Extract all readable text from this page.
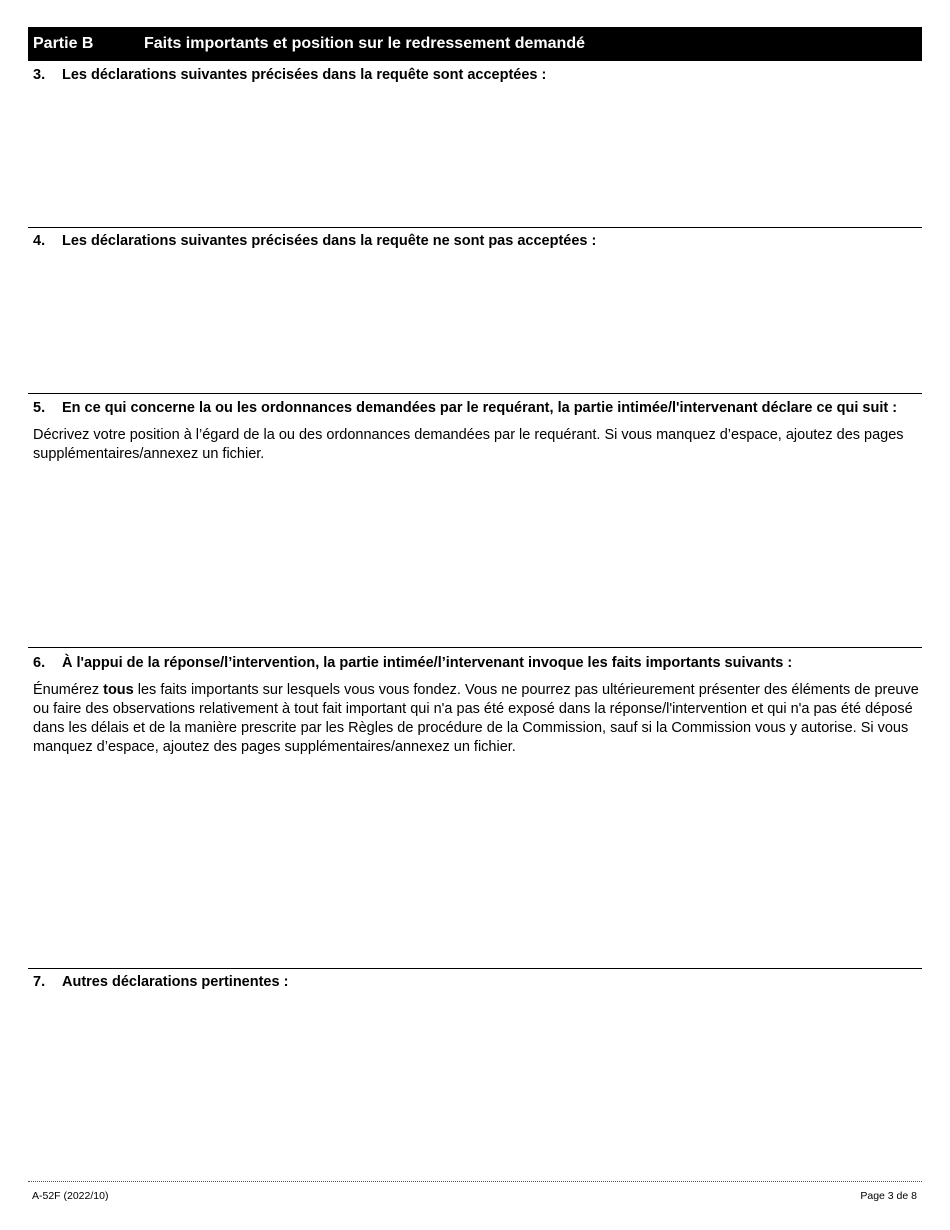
Partie B	Faits importants et position sur le redressement demandé
3.	Les déclarations suivantes précisées dans la requête sont acceptées :
4.	Les déclarations suivantes précisées dans la requête ne sont pas acceptées :
5.	En ce qui concerne la ou les ordonnances demandées par le requérant, la partie intimée/l'intervenant déclare ce qui suit :
Décrivez votre position à l’égard de la ou des ordonnances demandées par le requérant. Si vous manquez d’espace, ajoutez des pages supplémentaires/annexez un fichier.
6.	À l'appui de la réponse/l’intervention, la partie intimée/l’intervenant invoque les faits importants suivants :
Énumérez tous les faits importants sur lesquels vous vous fondez. Vous ne pourrez pas ultérieurement présenter des éléments de preuve ou faire des observations relativement à tout fait important qui n'a pas été exposé dans la réponse/l'intervention et qui n'a pas été déposé dans les délais et de la manière prescrite par les Règles de procédure de la Commission, sauf si la Commission vous y autorise. Si vous manquez d’espace, ajoutez des pages supplémentaires/annexez un fichier.
7.	Autres déclarations pertinentes :
A-52F (2022/10)	Page 3 de 8
